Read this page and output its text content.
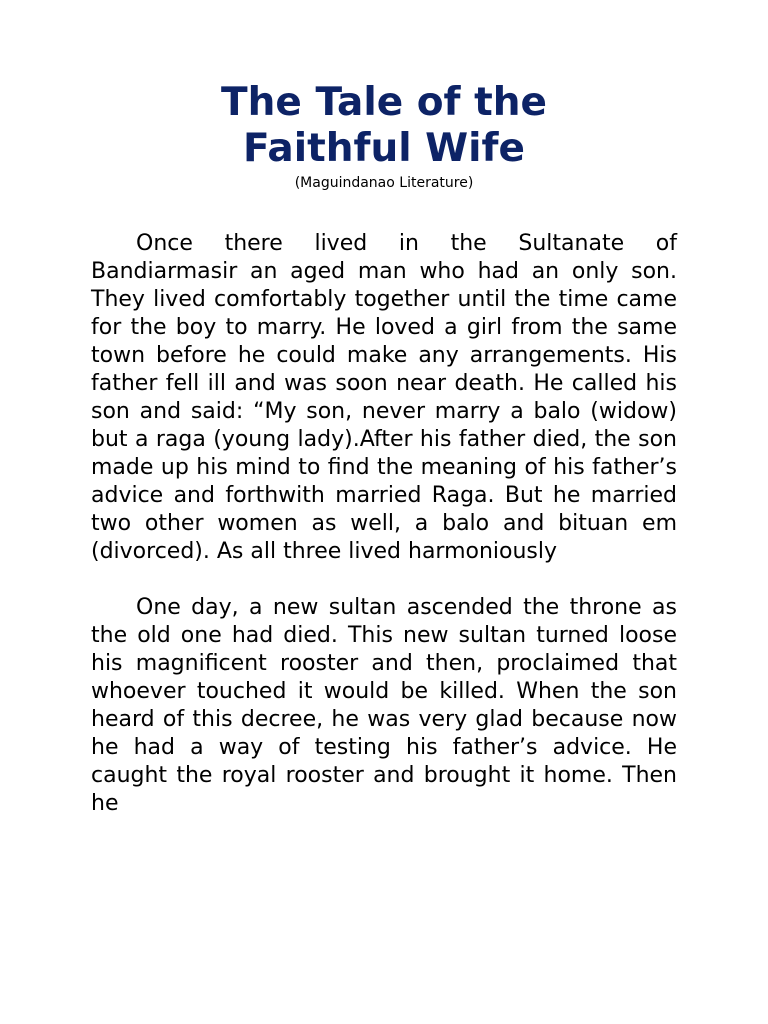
The Tale of the
Faithful Wife

(Maguindanao Literature)

Once there lived in the Sultanate of Bandiarmasir an aged man who had an only son. They lived comfortably together until the time came for the boy to marry. He loved a girl from the same town before he could make any arrangements. His father fell ill and was soon near death. He called his son and said: “My son, never marry a balo (widow) but a raga (young lady).After his father died, the son made up his mind to find the meaning of his father’s advice and forthwith married Raga. But he married two other women as well, a balo and bituan em (divorced). As all three lived harmoniously

One day, a new sultan ascended the throne as the old one had died. This new sultan turned loose his magnificent rooster and then, proclaimed that whoever touched it would be killed. When the son heard of this decree, he was very glad because now he had a way of testing his father’s advice. He caught the royal rooster and brought it home. Then he
